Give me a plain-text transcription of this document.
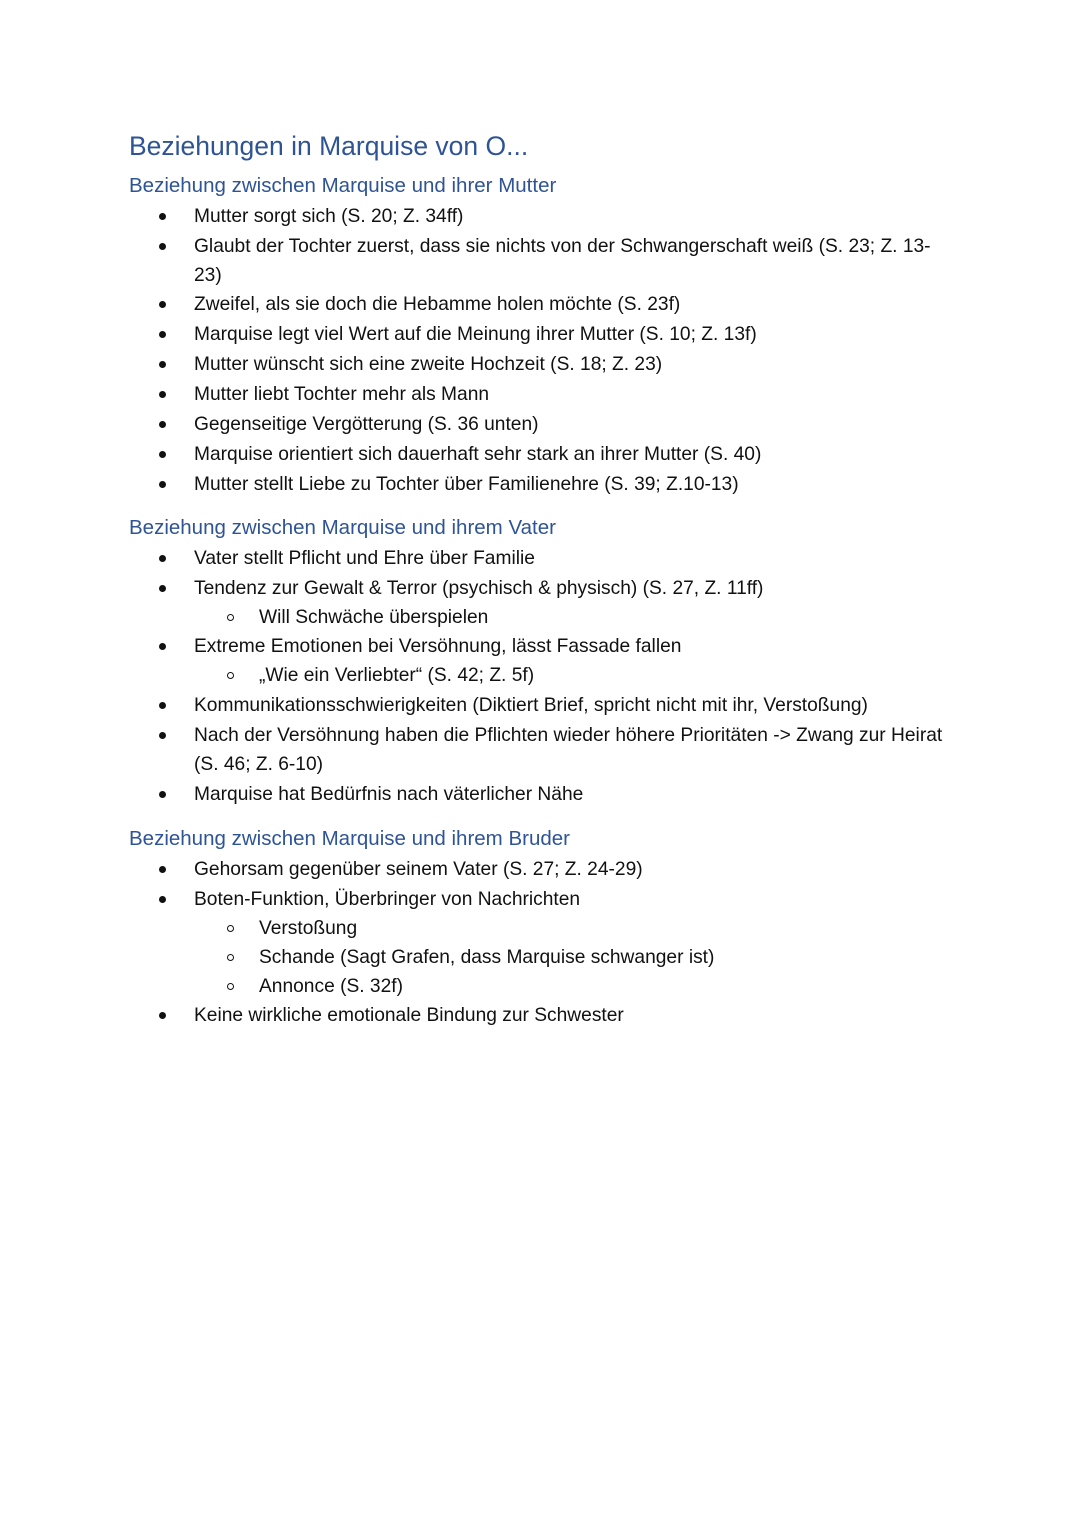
Beziehungen in Marquise von O...
Beziehung zwischen Marquise und ihrer Mutter
Mutter sorgt sich (S. 20; Z. 34ff)
Glaubt der Tochter zuerst, dass sie nichts von der Schwangerschaft weiß (S. 23; Z. 13-23)
Zweifel, als sie doch die Hebamme holen möchte (S. 23f)
Marquise legt viel Wert auf die Meinung ihrer Mutter (S. 10; Z. 13f)
Mutter wünscht sich eine zweite Hochzeit (S. 18; Z. 23)
Mutter liebt Tochter mehr als Mann
Gegenseitige Vergötterung (S. 36 unten)
Marquise orientiert sich dauerhaft sehr stark an ihrer Mutter (S. 40)
Mutter stellt Liebe zu Tochter über Familienehre (S. 39; Z.10-13)
Beziehung zwischen Marquise und ihrem Vater
Vater stellt Pflicht und Ehre über Familie
Tendenz zur Gewalt & Terror (psychisch & physisch) (S. 27, Z. 11ff)
Will Schwäche überspielen
Extreme Emotionen bei Versöhnung, lässt Fassade fallen
„Wie ein Verliebter“ (S. 42; Z. 5f)
Kommunikationsschwierigkeiten (Diktiert Brief, spricht nicht mit ihr, Verstoßung)
Nach der Versöhnung haben die Pflichten wieder höhere Prioritäten -> Zwang zur Heirat (S. 46; Z. 6-10)
Marquise hat Bedürfnis nach väterlicher Nähe
Beziehung zwischen Marquise und ihrem Bruder
Gehorsam gegenüber seinem Vater (S. 27; Z. 24-29)
Boten-Funktion, Überbringer von Nachrichten
Verstoßung
Schande (Sagt Grafen, dass Marquise schwanger ist)
Annonce (S. 32f)
Keine wirkliche emotionale Bindung zur Schwester
